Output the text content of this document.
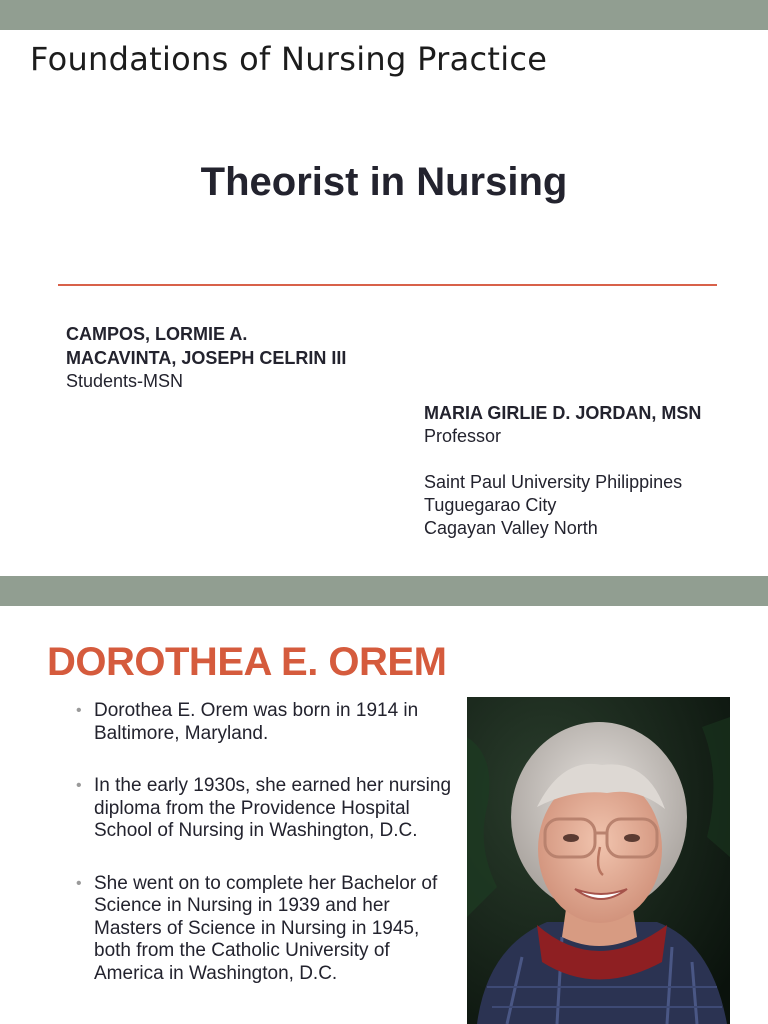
Foundations of Nursing Practice
Theorist in Nursing
CAMPOS, LORMIE A.
MACAVINTA, JOSEPH CELRIN III
Students-MSN
MARIA GIRLIE D. JORDAN, MSN
Professor
Saint Paul University Philippines
Tuguegarao City
Cagayan Valley North
DOROTHEA E. OREM
• Dorothea E. Orem was born in 1914 in Baltimore, Maryland.
• In the early 1930s, she earned her nursing diploma from the Providence Hospital School of Nursing in Washington, D.C.
• She went on to complete her Bachelor of Science in Nursing in 1939 and her Masters of Science in Nursing in 1945, both from the Catholic University of America in Washington, D.C.
